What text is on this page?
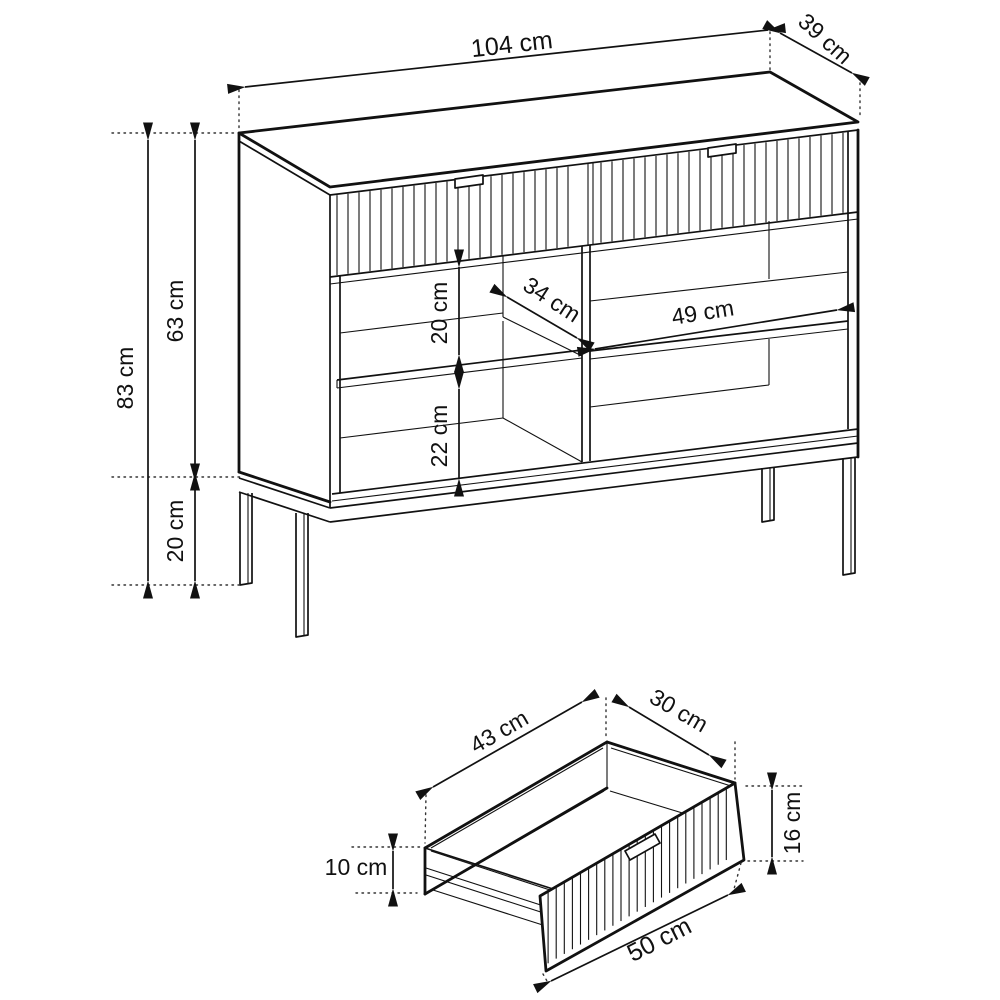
83 cm
63 cm
20 cm
104 cm	39 cm
20 cm
22 cm
34 cm	49 cm
43 cm	30 cm
16 cm
10 cm
50 cm
